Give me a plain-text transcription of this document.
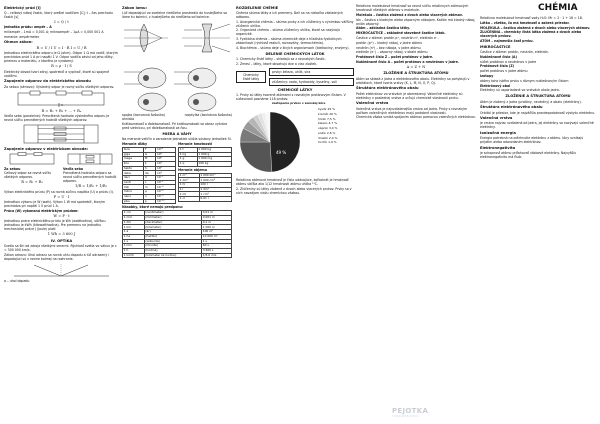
CHÉMIA
Elektrický prúd [I]
Q – celkový náboj častíc, ktorý prešiel vodičom [C]; t – čas prechodu častíc [s]
I = Q / t
jednotka prúdu: ampér – A
miliampér – 1mA = 0,001 A; mikroampér – 1µA = 0,000 001 A
meranie: ampérmeter
Ohmov zákon:
R = U / I U = I · R I = U / R
Jednotkou elektrického odporu je Ω (ohm). Odpor 1 Ω má vodič, ktorým prechádza prúd 1 A pri napätí 1 V. Odpor vodiča závisí od jeho dĺžky, prierezu a materiálu, z ktorého je vyrobený.
R = ρ · l / S
Elektrický obvod tvorí zdroj, spotrebič a vypínač, ktoré sú spojené vodičmi.
Zapojenie odporov do elektrického obvodu
Za sebou (sériovo): Výsledný odpor je rovný súčtu všetkých odporov.
R = R₁ + R₂ + ... + Rₙ
Vedľa seba (paralelne): Prevrátená hodnota výsledného odporu je rovná súčtu prevrátených hodnôt všetkých odporov.
Zapojenie odporov v elektrickom obvode:
Za sebou
Celkový odpor sa rovná súčtu všetkých odporov.
R = R₁ + R₂
Vedľa seba
Prevrátená hodnota odporu sa rovná súčtu prevrátených hodnôt odporov.
1/R = 1/R₁ + 1/R₂
Výkon elektrického prúdu (P) sa rovná súčinu napätia (U) a prúdu (I).
P = U · I
Jednotkou výkonu je W (watt). Výkon 1 W má spotrebič, ktorým prechádza pri napätí 1 V prúd 1 A.
Práca (W) vykonaná elektrickým prúdom:
W = P · t
Jednotkou práce elektrického prúdu je Wh (watthodina), väčšou jednotkou je kWh (kilowatthodina). Pre premenu na jednotku mechanickej práce J (joule) platí:
1 Wh = 3 600 J
IV. OPTIKA
Svetlo sa šíri od zdroja všetkými smermi. Rýchlosť svetla vo vákuu je c ≈ 300 000 km/s.
Zákon odrazu: Uhol odrazu sa rovná uhlu dopadu a lúč odrazený i dopadajúci sú v rovine kolmej na rozhranie.
a – uhol dopadu
Zákon lomu:
Lúč dopadajúci zo svetelne riedšieho prostredia do hustejšieho sa láme ku kolmici, z hustejšieho do riedšieho od kolmice.
spojka (konvexná šošovka)	rozptylka (konkávna šošovka)
ohnisko
Krátkozrakosť a ďalekozrakosť. Pri krátkozrakosti sa obraz vytvára pred sietnicou, pri ďalekozrakosti za ňou.
MIERA A VÁHY
Na meranie veličín a zaradenie jednotiek slúžia sústavy jednotiek SI.
Meranie dĺžky
tera	T	10¹²
giga	G	10⁹
mega	M	10⁶
kilo	k	10³
hekto	h	10²
deka	da	10¹
deci	d	10⁻¹
centi	c	10⁻²
mili	m	10⁻³
mikro	µ	10⁻⁶
nano	n	10⁻⁹
piko	p	10⁻¹²
Meranie hmotnosti
1 t	1 000 kg
1 kg	1 000 g
1 g	1 000 mg
1 q	100 kg
Meranie objemu
1 m³	1 000 dm³
1 dm³	1 000 cm³
1 hl	100 l
1 l	1 dm³
1 ml	1 cm³
1 cl	0,01 l
Násobky, ktoré nemajú predponu:
1 cm	(centimeter)	0,01 m
1 mm	(milimeter)	0,001 m
1 dm	(decimeter)	0,1 m
1 km	(kilometer)	1 000 m
1 a	(ár)	100 m²
1 ha	(hektár)	10 000 m²
1 s	(sekunda)	1 s
1 min	(minúta)	60 s
1 h	(hodina)	3 600 s
1 km/h	(kilometer za hodinu)	1/3,6 m/s
ROZDELENIE CHÉMIE
Chémia skúma látky a ich premeny. Delí sa na niekoľko základných odborov.
1. Anorganická chémia – skúma prvky a ich zlúčeniny s výnimkou väčšiny zlúčenín uhlíka.
2. Organická chémia – skúma zlúčeniny uhlíka, ktoré sa nazývajú organické.
3. Fyzikálna chémia – skúma chemické deje z hľadiska fyzikálnych zákonitostí (rýchlosť reakcií, rovnováhy, termochémia).
4. Biochémia – skúma deje v živých organizmoch (bielkoviny, enzýmy).
DELENIE CHEMICKÝCH LÁTOK
1. Chemicky čisté látky – skladajú sa z rovnakých častíc.
2. Zmesi – látky, ktoré obsahujú dve a viac zložiek.
Chemicky čisté látky
prvky: železo, uhlík, síra
zlúčeniny: voda, hydroxidy, kyseliny, soli
CHEMICKÉ LÁTKY
1. Prvky sú látky tvorené atómami s rovnakým protónovým číslom. V súčasnosti poznáme 118 prvkov.
49 %
zastúpenie prvkov v zemskej kôre
kyslík 49 %
kremík 26 %
hliník 7,5 %
železo 4,7 %
vápnik 3,4 %
sodík 2,6 %
draslík 2,4 %
horčík 1,9 %
Relatívna atómová hmotnosť je číslo udávajúce, koľkokrát je hmotnosť atómu väčšia ako 1/12 hmotnosti atómu uhlíka ¹²C.
2. Zlúčeniny sú látky zložené z dvoch alebo viacerých prvkov. Prvky sa v nich navzájom viažu chemickou väzbou.
Relatívna molekulová hmotnosť sa rovná súčtu relatívnych atómových hmotností všetkých atómov v molekule.
Molekula – častica zložená z dvoch alebo viacerých atómov.
Ión – častica s kladným alebo záporným nábojom. Katión má kladný náboj, anión záporný.
Atóm – základná častica látky.
MIKROČASTICE – základné stavebné častice látok.
Častice v atóme: protón p⁺, neutrón n⁰, elektrón e⁻.
protón (p⁺) – kladný náboj, v jadre atómu
neutrón (n⁰) – bez náboja, v jadre atómu
elektrón (e⁻) – záporný náboj, v obale atómu
Protónové číslo Z – počet protónov v jadre.
Nukleónové číslo A – počet protónov a neutrónov v jadre.
A = Z + N
ZLOŽENIE A ŠTRUKTÚRA ATÓMU
Atóm sa skladá z jadra a elektrónového obalu. Elektróny sa pohybujú v orbitáloch, ktoré tvoria vrstvy (K, L, M, N, O, P, Q).
Štruktúra elektrónového obalu
Počet elektrónov vo vrstvách je obmedzený. Valenčné elektróny sú elektróny v poslednej vrstve a určujú chemické vlastnosti prvku.
Valenčná vrstva
Valenčná vrstva je najvzdialenejšia vrstva od jadra. Prvky s rovnakým počtom valenčných elektrónov majú podobné vlastnosti.
Chemická väzba vzniká spájaním atómov pomocou valenčných elektrónov.
Relatívna molekulová hmotnosť vody H₂O: Mr = 2 · 1 + 16 = 18.
Látka – všetko, čo má hmotnosť a zaberá priestor.
MOLEKULA – častica zložená z dvoch alebo viacerých atómov.
ZLÚČENINA – chemicky čistá látka zložená z dvoch alebo viacerých prvkov.
ATÓM – najmenšia časť prvku.
MIKROČASTICE
Častice v atóme: protón, neutrón, elektrón.
Nukleónové číslo (A)
súčet protónov a neutrónov v jadre
Protónové číslo (Z)
počet protónov v jadre atómu
Izotopy
atómy toho istého prvku s rôznym nukleónovým číslom
Elektrónový obal
Elektróny sú usporiadané vo vrstvách okolo jadra.
ZLOŽENIE A ŠTRUKTÚRA ATÓMU
Atóm je zložený z jadra (protóny, neutróny) a obalu (elektróny).
Štruktúra elektrónového obalu
Orbitál je priestor, kde je najväčšia pravdepodobnosť výskytu elektrónu.
Valenčná vrstva
je vrstva najviac vzdialená od jadra, jej elektróny sa nazývajú valenčné elektróny.
Ionizačná energia
Energia potrebná na odtrhnutie elektrónu z atómu. Ióny vznikajú prijatím alebo odovzdaním elektrónov.
Elektronegativita
je schopnosť atómu priťahovať väzbové elektróny. Najvyššiu elektronegativitu má fluór.
PEJOTKA
VYDAVATEĽSTVO
